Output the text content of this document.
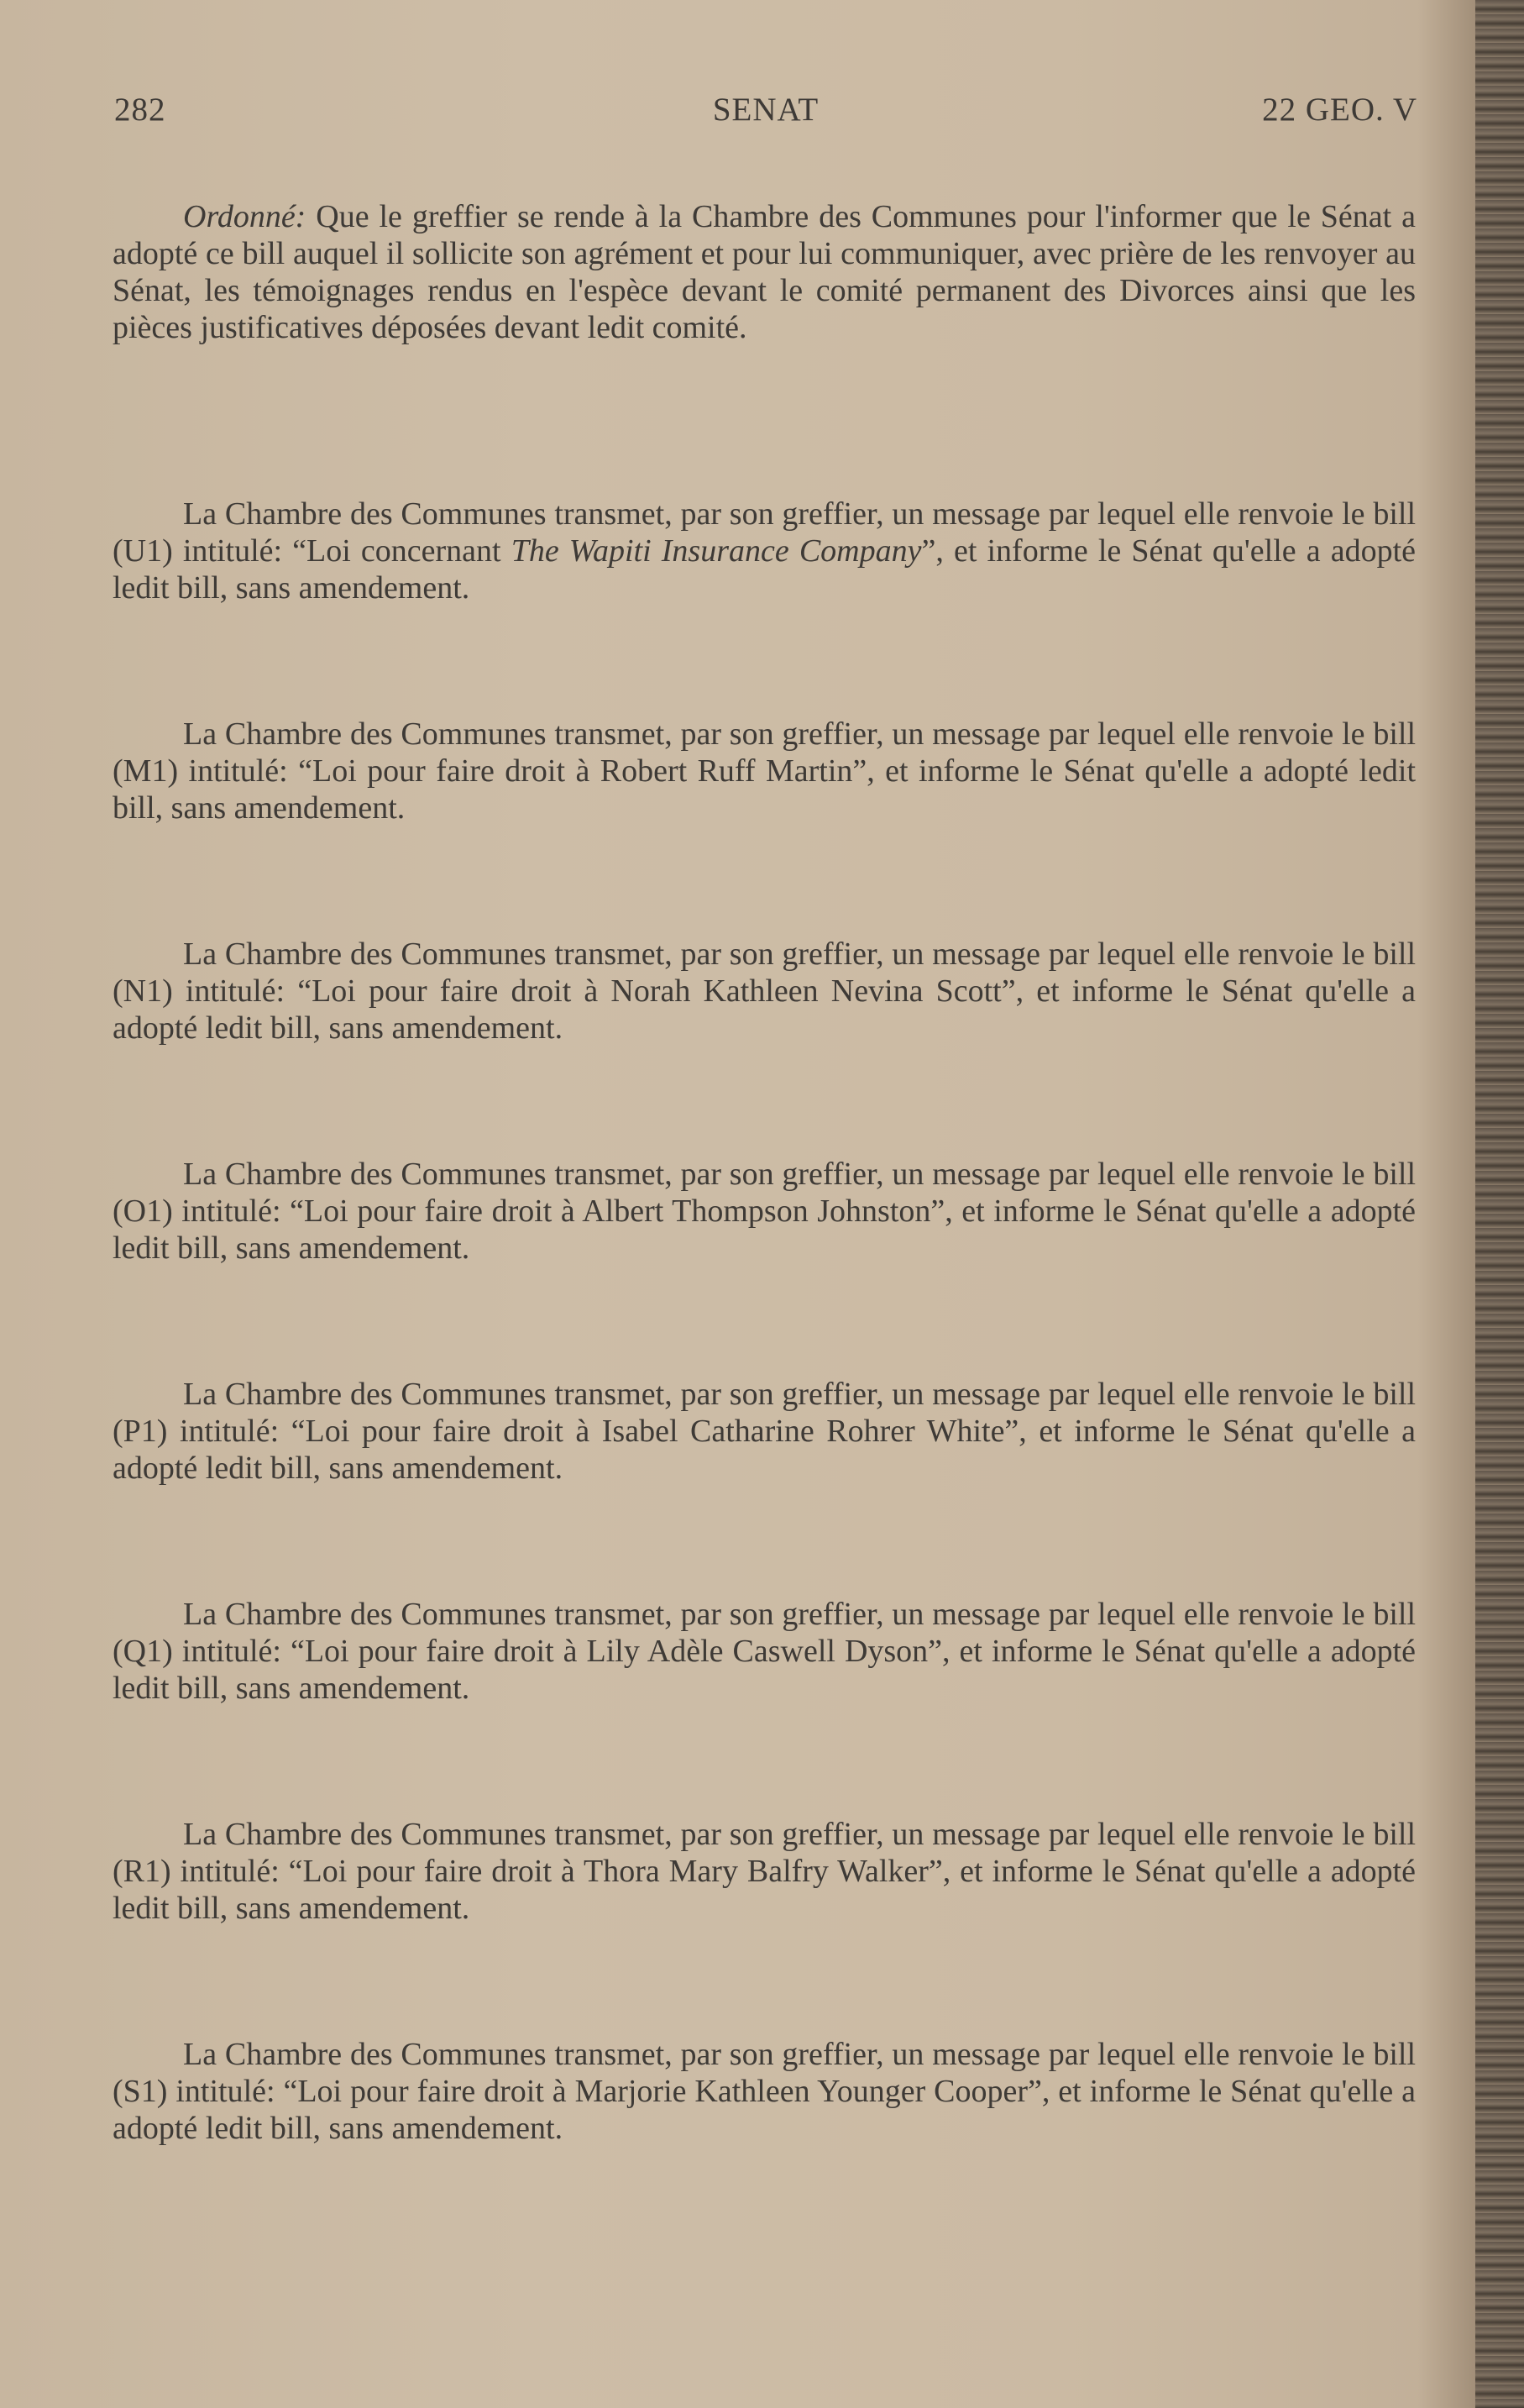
282	SENAT	22 GEO. V

Ordonné: Que le greffier se rende à la Chambre des Communes pour l'informer que le Sénat a adopté ce bill auquel il sollicite son agrément et pour lui communiquer, avec prière de les renvoyer au Sénat, les témoignages rendus en l'espèce devant le comité permanent des Divorces ainsi que les pièces justificatives déposées devant ledit comité.

La Chambre des Communes transmet, par son greffier, un message par lequel elle renvoie le bill (U1) intitulé: “Loi concernant The Wapiti Insurance Company”, et informe le Sénat qu'elle a adopté ledit bill, sans amendement.

La Chambre des Communes transmet, par son greffier, un message par lequel elle renvoie le bill (M1) intitulé: “Loi pour faire droit à Robert Ruff Martin”, et informe le Sénat qu'elle a adopté ledit bill, sans amendement.

La Chambre des Communes transmet, par son greffier, un message par lequel elle renvoie le bill (N1) intitulé: “Loi pour faire droit à Norah Kathleen Nevina Scott”, et informe le Sénat qu'elle a adopté ledit bill, sans amendement.

La Chambre des Communes transmet, par son greffier, un message par lequel elle renvoie le bill (O1) intitulé: “Loi pour faire droit à Albert Thompson Johnston”, et informe le Sénat qu'elle a adopté ledit bill, sans amendement.

La Chambre des Communes transmet, par son greffier, un message par lequel elle renvoie le bill (P1) intitulé: “Loi pour faire droit à Isabel Catharine Rohrer White”, et informe le Sénat qu'elle a adopté ledit bill, sans amendement.

La Chambre des Communes transmet, par son greffier, un message par lequel elle renvoie le bill (Q1) intitulé: “Loi pour faire droit à Lily Adèle Caswell Dyson”, et informe le Sénat qu'elle a adopté ledit bill, sans amendement.

La Chambre des Communes transmet, par son greffier, un message par lequel elle renvoie le bill (R1) intitulé: “Loi pour faire droit à Thora Mary Balfry Walker”, et informe le Sénat qu'elle a adopté ledit bill, sans amendement.

La Chambre des Communes transmet, par son greffier, un message par lequel elle renvoie le bill (S1) intitulé: “Loi pour faire droit à Marjorie Kathleen Younger Cooper”, et informe le Sénat qu'elle a adopté ledit bill, sans amendement.
